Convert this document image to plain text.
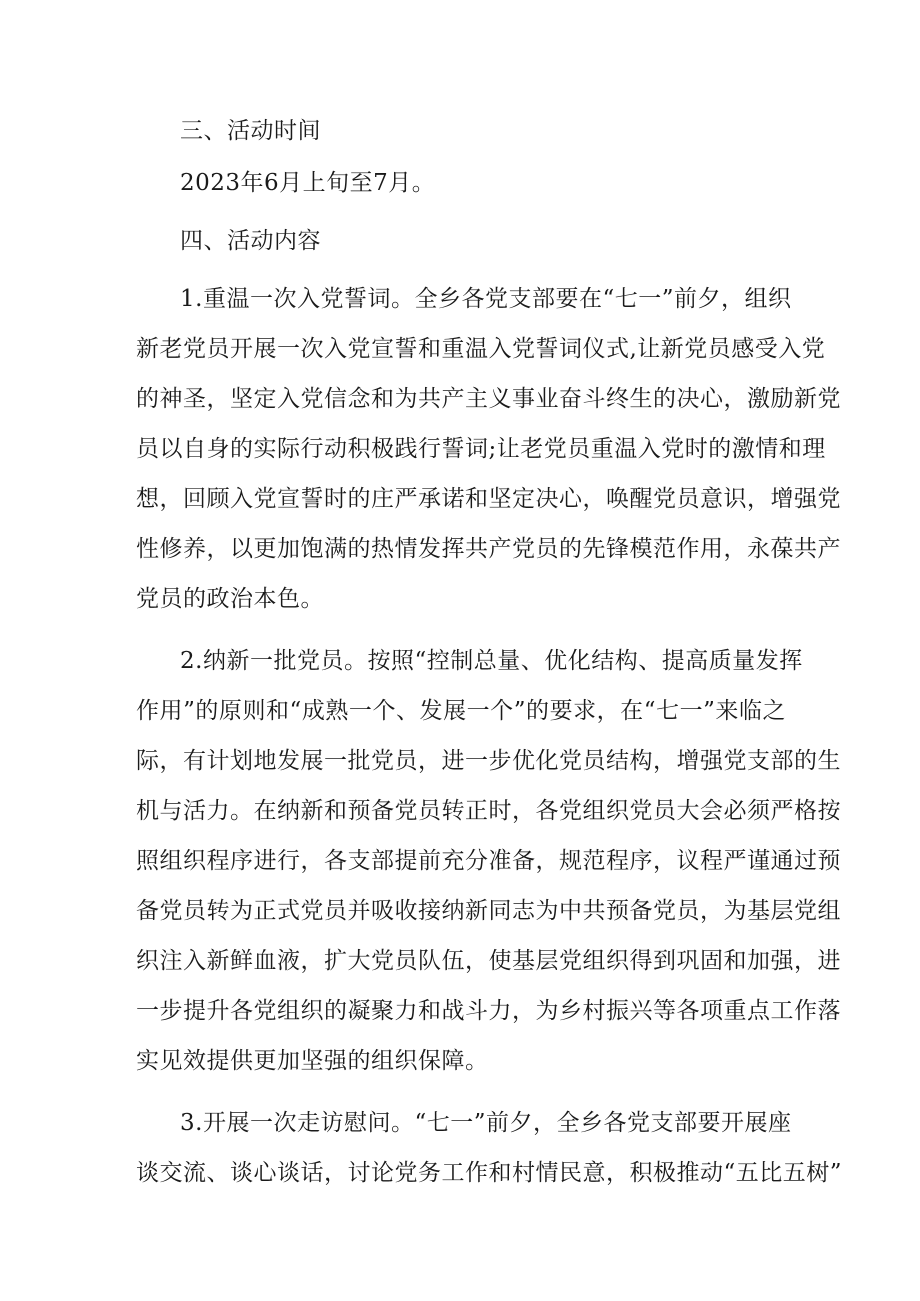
三、活动时间
2023年6月上旬至7月。
四、活动内容
1.重温一次入党誓词。全乡各党支部要在“七一”前夕，组织
新老党员开展一次入党宣誓和重温入党誓词仪式,让新党员感受入党
的神圣，坚定入党信念和为共产主义事业奋斗终生的决心，激励新党
员以自身的实际行动积极践行誓词;让老党员重温入党时的激情和理
想，回顾入党宣誓时的庄严承诺和坚定决心，唤醒党员意识，增强党
性修养，以更加饱满的热情发挥共产党员的先锋模范作用，永葆共产
党员的政治本色。
2.纳新一批党员。按照“控制总量、优化结构、提高质量发挥
作用”的原则和“成熟一个、发展一个”的要求，在“七一”来临之
际，有计划地发展一批党员，进一步优化党员结构，增强党支部的生
机与活力。在纳新和预备党员转正时，各党组织党员大会必须严格按
照组织程序进行，各支部提前充分准备，规范程序，议程严谨通过预
备党员转为正式党员并吸收接纳新同志为中共预备党员，为基层党组
织注入新鲜血液，扩大党员队伍，使基层党组织得到巩固和加强，进
一步提升各党组织的凝聚力和战斗力，为乡村振兴等各项重点工作落
实见效提供更加坚强的组织保障。
3.开展一次走访慰问。“七一”前夕，全乡各党支部要开展座
谈交流、谈心谈话，讨论党务工作和村情民意，积极推动“五比五树”
